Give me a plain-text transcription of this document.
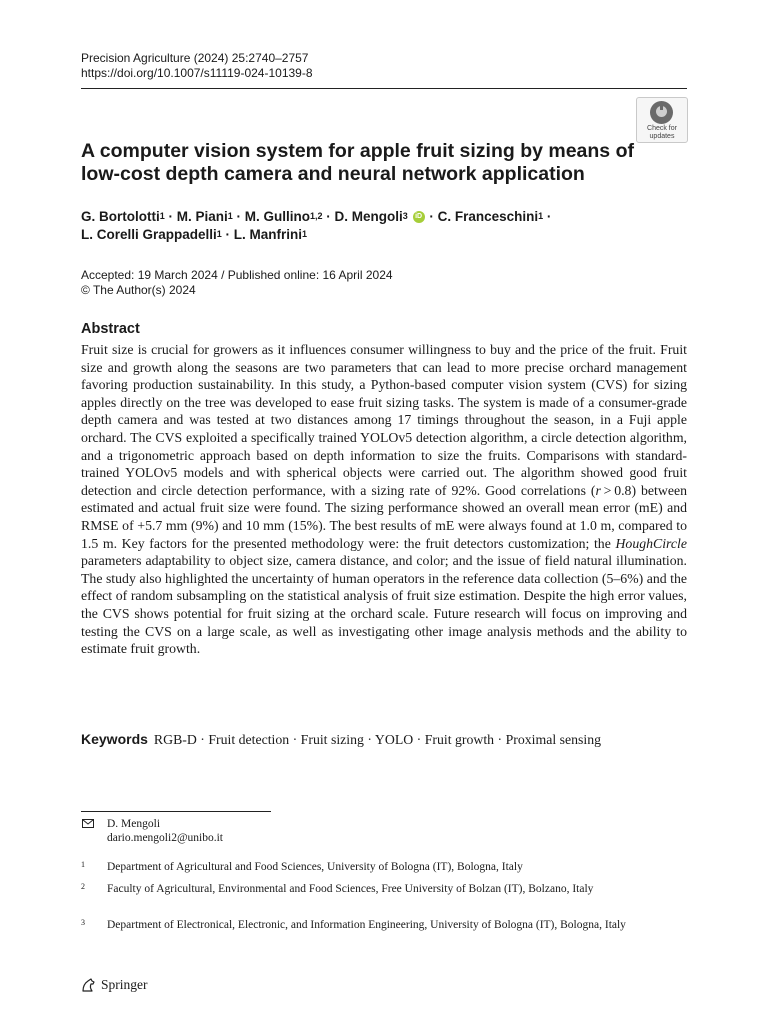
Precision Agriculture (2024) 25:2740–2757
https://doi.org/10.1007/s11119-024-10139-8
Check for updates
A computer vision system for apple fruit sizing by means of low-cost depth camera and neural network application
G. Bortolotti$^1$ · M. Piani$^1$ · M. Gullino$^{1,2}$ · D. Mengoli$^3$ iD · C. Franceschini$^1$ ·
L. Corelli Grappadelli$^1$ · L. Manfrini$^1$
Accepted: 19 March 2024 / Published online: 16 April 2024
© The Author(s) 2024
Abstract

Fruit size is crucial for growers as it influences consumer willingness to buy and the price of the fruit. Fruit size and growth along the seasons are two parameters that can lead to more precise orchard management favoring production sustainability. In this study, a Python-based computer vision system (CVS) for sizing apples directly on the tree was developed to ease fruit sizing tasks. The system is made of a consumer-grade depth camera and was tested at two distances among 17 timings throughout the season, in a Fuji apple orchard. The CVS exploited a specifically trained YOLOv5 detection algorithm, a circle detection algorithm, and a trigonometric approach based on depth information to size the fruits. Comparisons with standard-trained YOLOv5 models and with spherical objects were carried out. The algorithm showed good fruit detection and circle detection performance, with a sizing rate of 92%. Good correlations (r > 0.8) between estimated and actual fruit size were found. The sizing performance showed an overall mean error (mE) and RMSE of +5.7 mm (9%) and 10 mm (15%). The best results of mE were always found at 1.0 m, compared to 1.5 m. Key factors for the presented methodology were: the fruit detectors customization; the HoughCircle parameters adaptability to object size, camera distance, and color; and the issue of field natural illumination. The study also highlighted the uncertainty of human operators in the reference data collection (5–6%) and the effect of random subsampling on the statistical analysis of fruit size estimation. Despite the high error values, the CVS shows potential for fruit sizing at the orchard scale. Future research will focus on improving and testing the CVS on a large scale, as well as investigating other image analysis methods and the ability to estimate fruit growth.

Keywords RGB-D · Fruit detection · Fruit sizing · YOLO · Fruit growth · Proximal sensing
D. Mengoli
dario.mengoli2@unibo.it
1 Department of Agricultural and Food Sciences, University of Bologna (IT), Bologna, Italy
2 Faculty of Agricultural, Environmental and Food Sciences, Free University of Bolzan (IT), Bolzano, Italy
3 Department of Electronical, Electronic, and Information Engineering, University of Bologna (IT), Bologna, Italy
Springer
